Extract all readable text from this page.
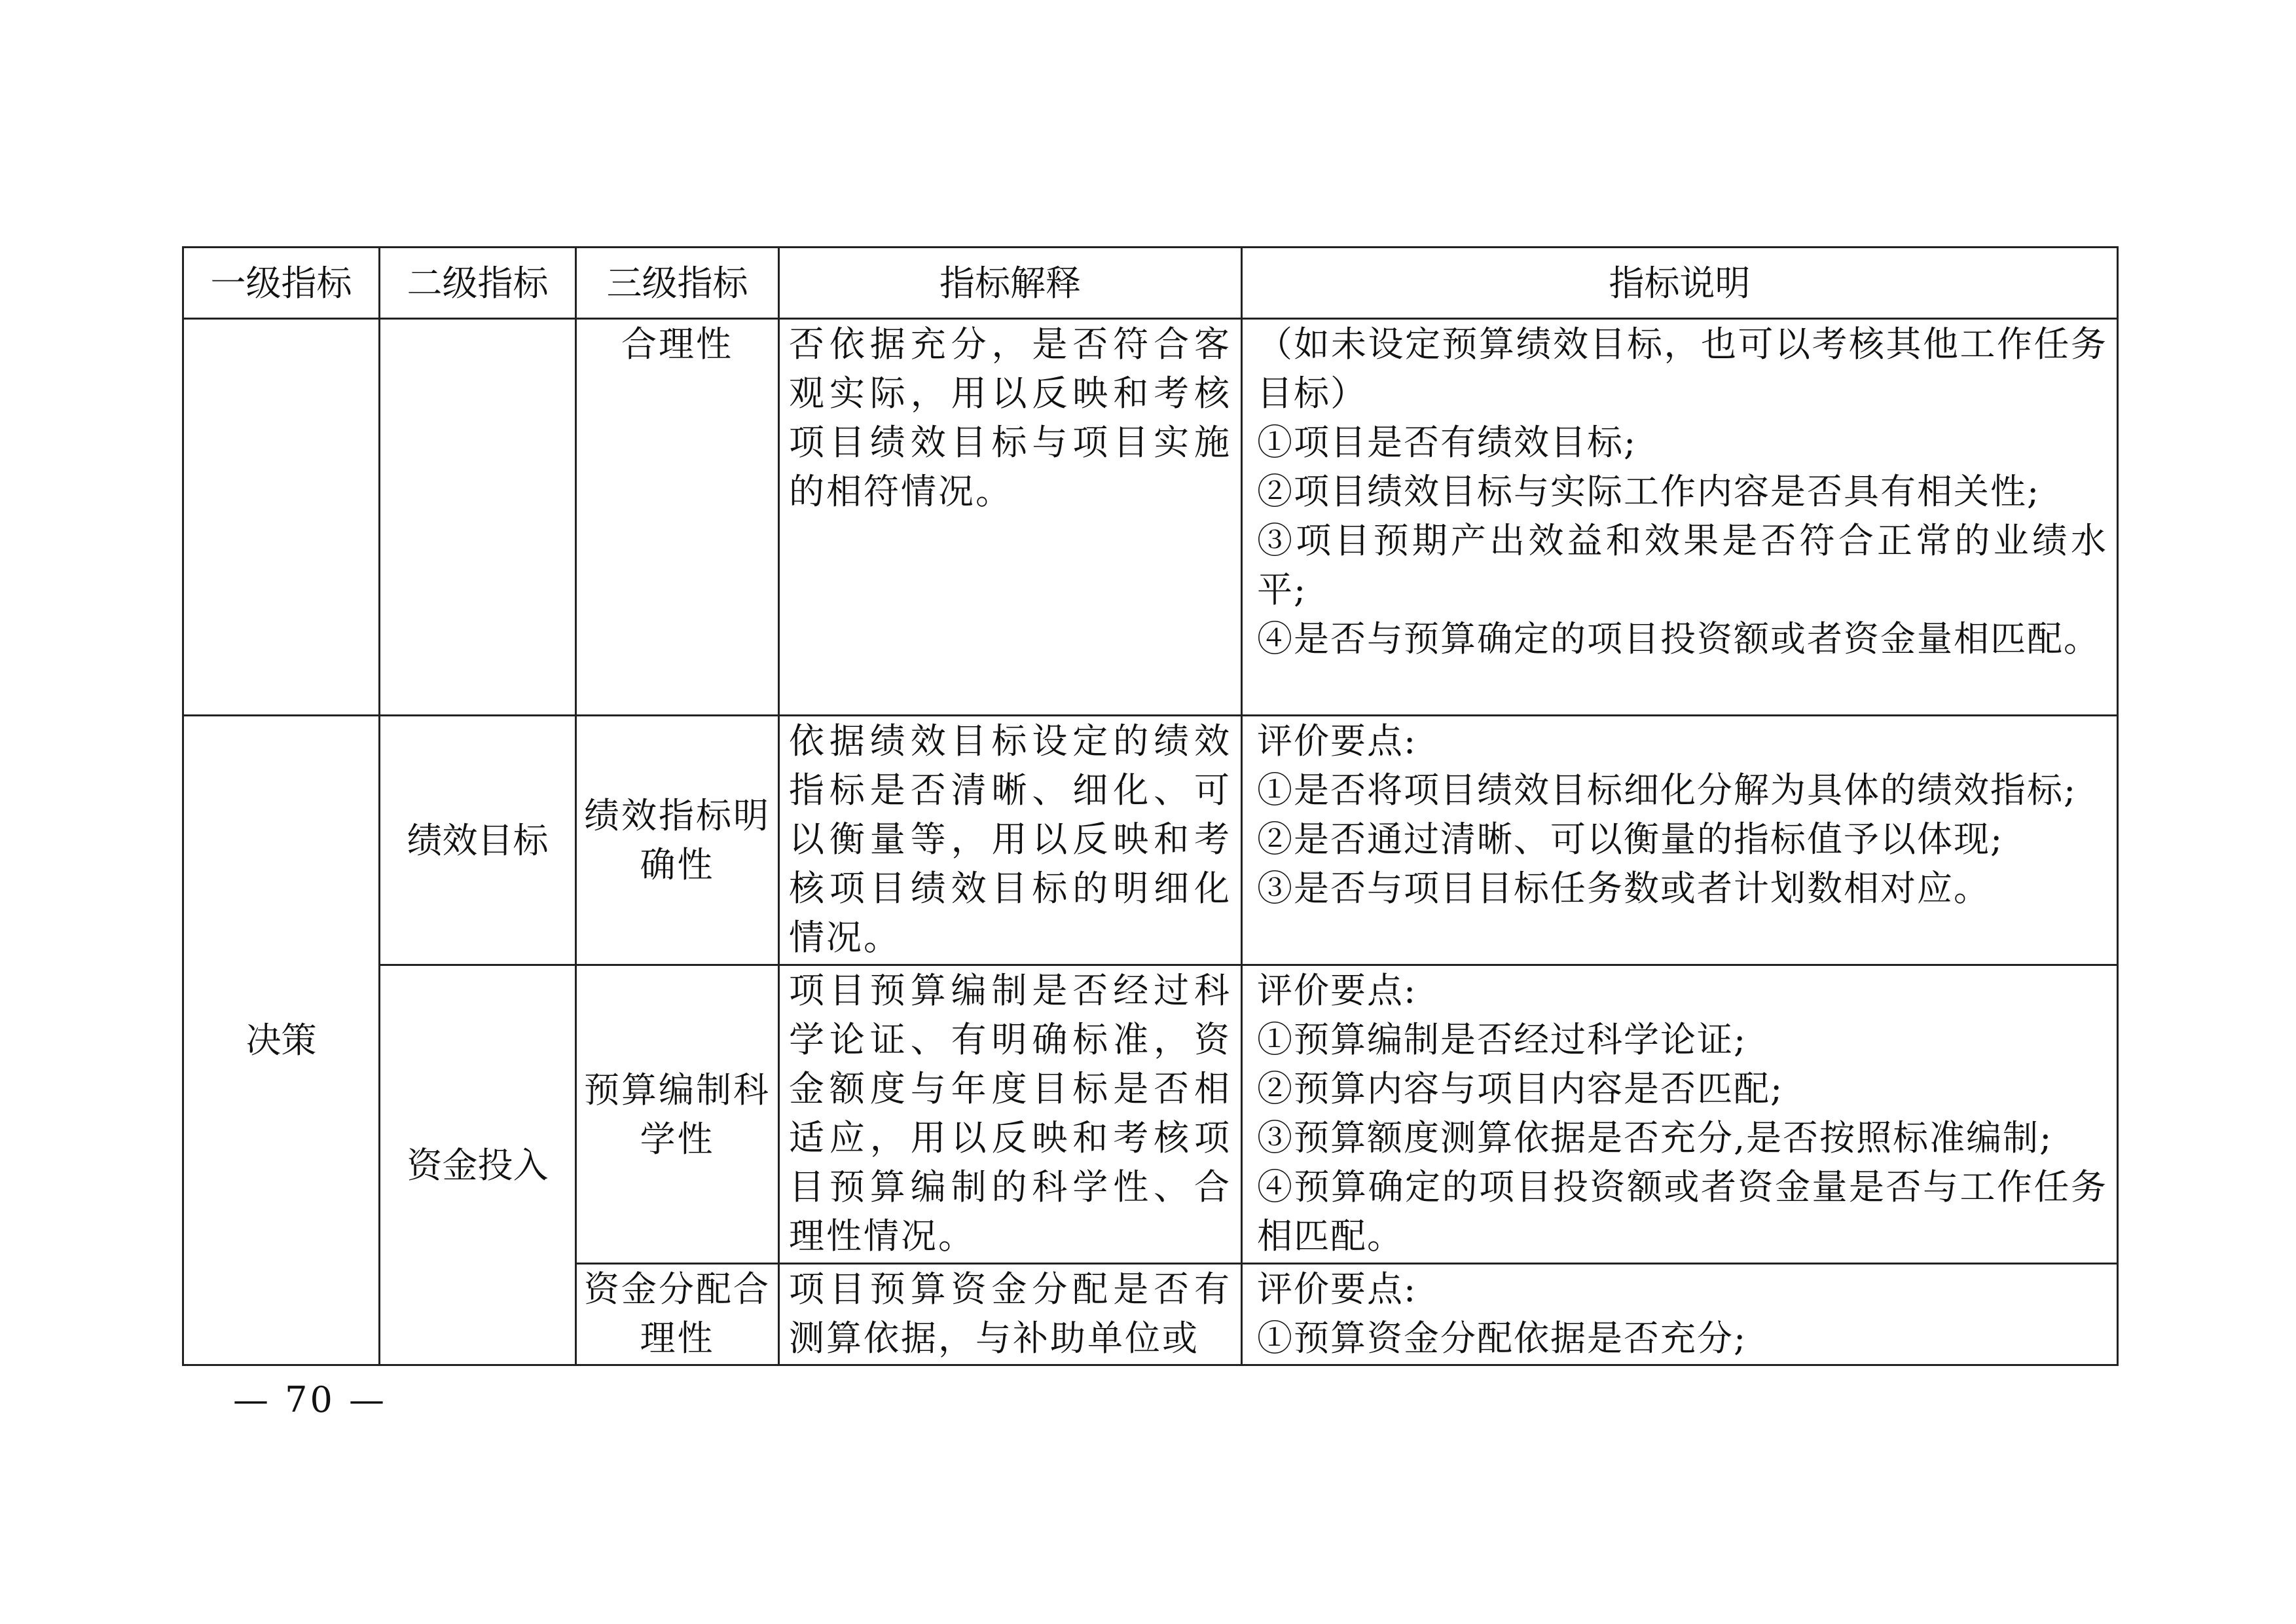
一级指标	二级指标	三级指标	指标解释	指标说明
		合理性	否依据充分，是否符合客观实际，用以反映和考核项目绩效目标与项目实施的相符情况。	（如未设定预算绩效目标，也可以考核其他工作任务目标）
①项目是否有绩效目标;
②项目绩效目标与实际工作内容是否具有相关性;
③项目预期产出效益和效果是否符合正常的业绩水平;
④是否与预算确定的项目投资额或者资金量相匹配。

决策	绩效目标	绩效指标明确性	依据绩效目标设定的绩效指标是否清晰、细化、可以衡量等，用以反映和考核项目绩效目标的明细化情况。	评价要点:
①是否将项目绩效目标细化分解为具体的绩效指标;
②是否通过清晰、可以衡量的指标值予以体现;
③是否与项目目标任务数或者计划数相对应。

	资金投入	预算编制科学性	项目预算编制是否经过科学论证、有明确标准，资金额度与年度目标是否相适应，用以反映和考核项目预算编制的科学性、合理性情况。	评价要点:
①预算编制是否经过科学论证;
②预算内容与项目内容是否匹配;
③预算额度测算依据是否充分,是否按照标准编制;
④预算确定的项目投资额或者资金量是否与工作任务相匹配。

		资金分配合理性	项目预算资金分配是否有测算依据，与补助单位或	评价要点:
①预算资金分配依据是否充分;
— 70 —
